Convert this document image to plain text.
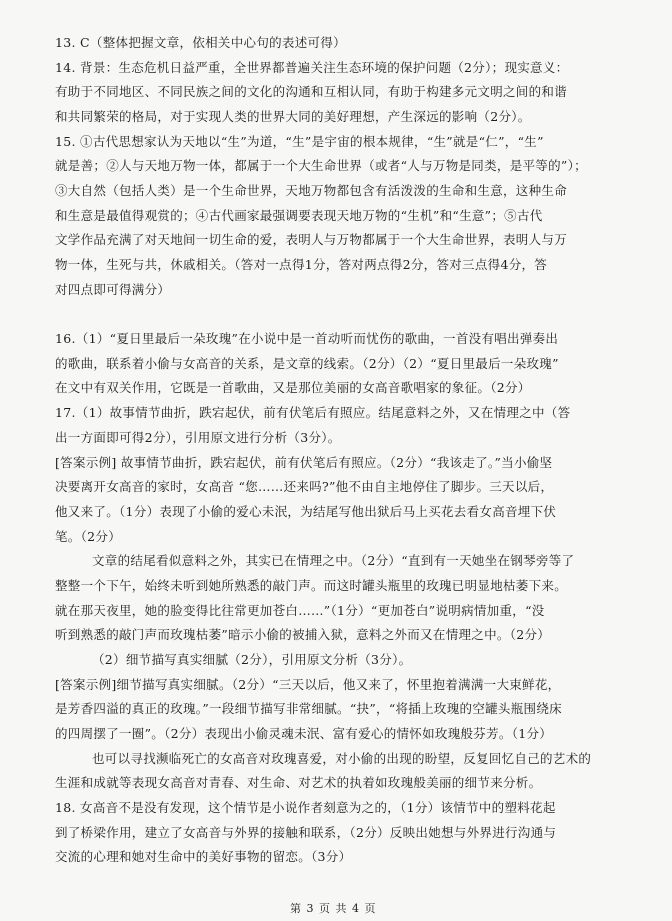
13. C（整体把握文章，依相关中心句的表述可得）
14. 背景：生态危机日益严重，全世界都普遍关注生态环境的保护问题（2分）；现实意义：
有助于不同地区、不同民族之间的文化的沟通和互相认同，有助于构建多元文明之间的和谐
和共同繁荣的格局，对于实现人类的世界大同的美好理想，产生深远的影响（2分）。
15. ①古代思想家认为天地以“生”为道，“生”是宇宙的根本规律，“生”就是“仁”，“生”
就是善；②人与天地万物一体，都属于一个大生命世界（或者“人与万物是同类，是平等的”）；
③大自然（包括人类）是一个生命世界，天地万物都包含有活泼泼的生命和生意，这种生命
和生意是最值得观赏的；④古代画家最强调要表现天地万物的“生机”和“生意”；⑤古代
文学作品充满了对天地间一切生命的爱，表明人与万物都属于一个大生命世界，表明人与万
物一体，生死与共，休戚相关。（答对一点得1分，答对两点得2分，答对三点得4分，答
对四点即可得满分）
16.（1）“夏日里最后一朵玫瑰”在小说中是一首动听而忧伤的歌曲，一首没有唱出弹奏出
的歌曲，联系着小偷与女高音的关系，是文章的线索。（2分）（2）“夏日里最后一朵玫瑰”
在文中有双关作用，它既是一首歌曲，又是那位美丽的女高音歌唱家的象征。（2分）
17.（1）故事情节曲折，跌宕起伏，前有伏笔后有照应。结尾意料之外，又在情理之中（答
出一方面即可得2分），引用原文进行分析（3分）。
[答案示例] 故事情节曲折，跌宕起伏，前有伏笔后有照应。（2分）“我该走了。”当小偷坚
决要离开女高音的家时，女高音 “您……还来吗?”他不由自主地停住了脚步。三天以后，
他又来了。（1分）表现了小偷的爱心未泯，为结尾写他出狱后马上买花去看女高音埋下伏
笔。（2分）
文章的结尾看似意料之外，其实已在情理之中。（2分）“直到有一天她坐在钢琴旁等了
整整一个下午，始终未听到她所熟悉的敲门声。而这时罐头瓶里的玫瑰已明显地枯萎下来。
就在那天夜里，她的脸变得比往常更加苍白……”（1分）“更加苍白”说明病情加重，“没
听到熟悉的敲门声而玫瑰枯萎”暗示小偷的被捕入狱，意料之外而又在情理之中。（2分）
（2）细节描写真实细腻（2分），引用原文分析（3分）。
[答案示例]细节描写真实细腻。（2分）“三天以后，他又来了，怀里抱着满满一大束鲜花，
是芳香四溢的真正的玫瑰。”一段细节描写非常细腻。“抉”，“将插上玫瑰的空罐头瓶围绕床
的四周摆了一圈”。（2分）表现出小偷灵魂未泯、富有爱心的情怀如玫瑰般芬芳。（1分）
也可以寻找濒临死亡的女高音对玫瑰喜爱，对小偷的出现的盼望，反复回忆自己的艺术的
生涯和成就等表现女高音对青春、对生命、对艺术的执着如玫瑰般美丽的细节来分析。
18. 女高音不是没有发现，这个情节是小说作者刻意为之的，（1分）该情节中的塑料花起
到了桥梁作用，建立了女高音与外界的接触和联系，（2分）反映出她想与外界进行沟通与
交流的心理和她对生命中的美好事物的留恋。（3分）
第 3 页 共 4 页
